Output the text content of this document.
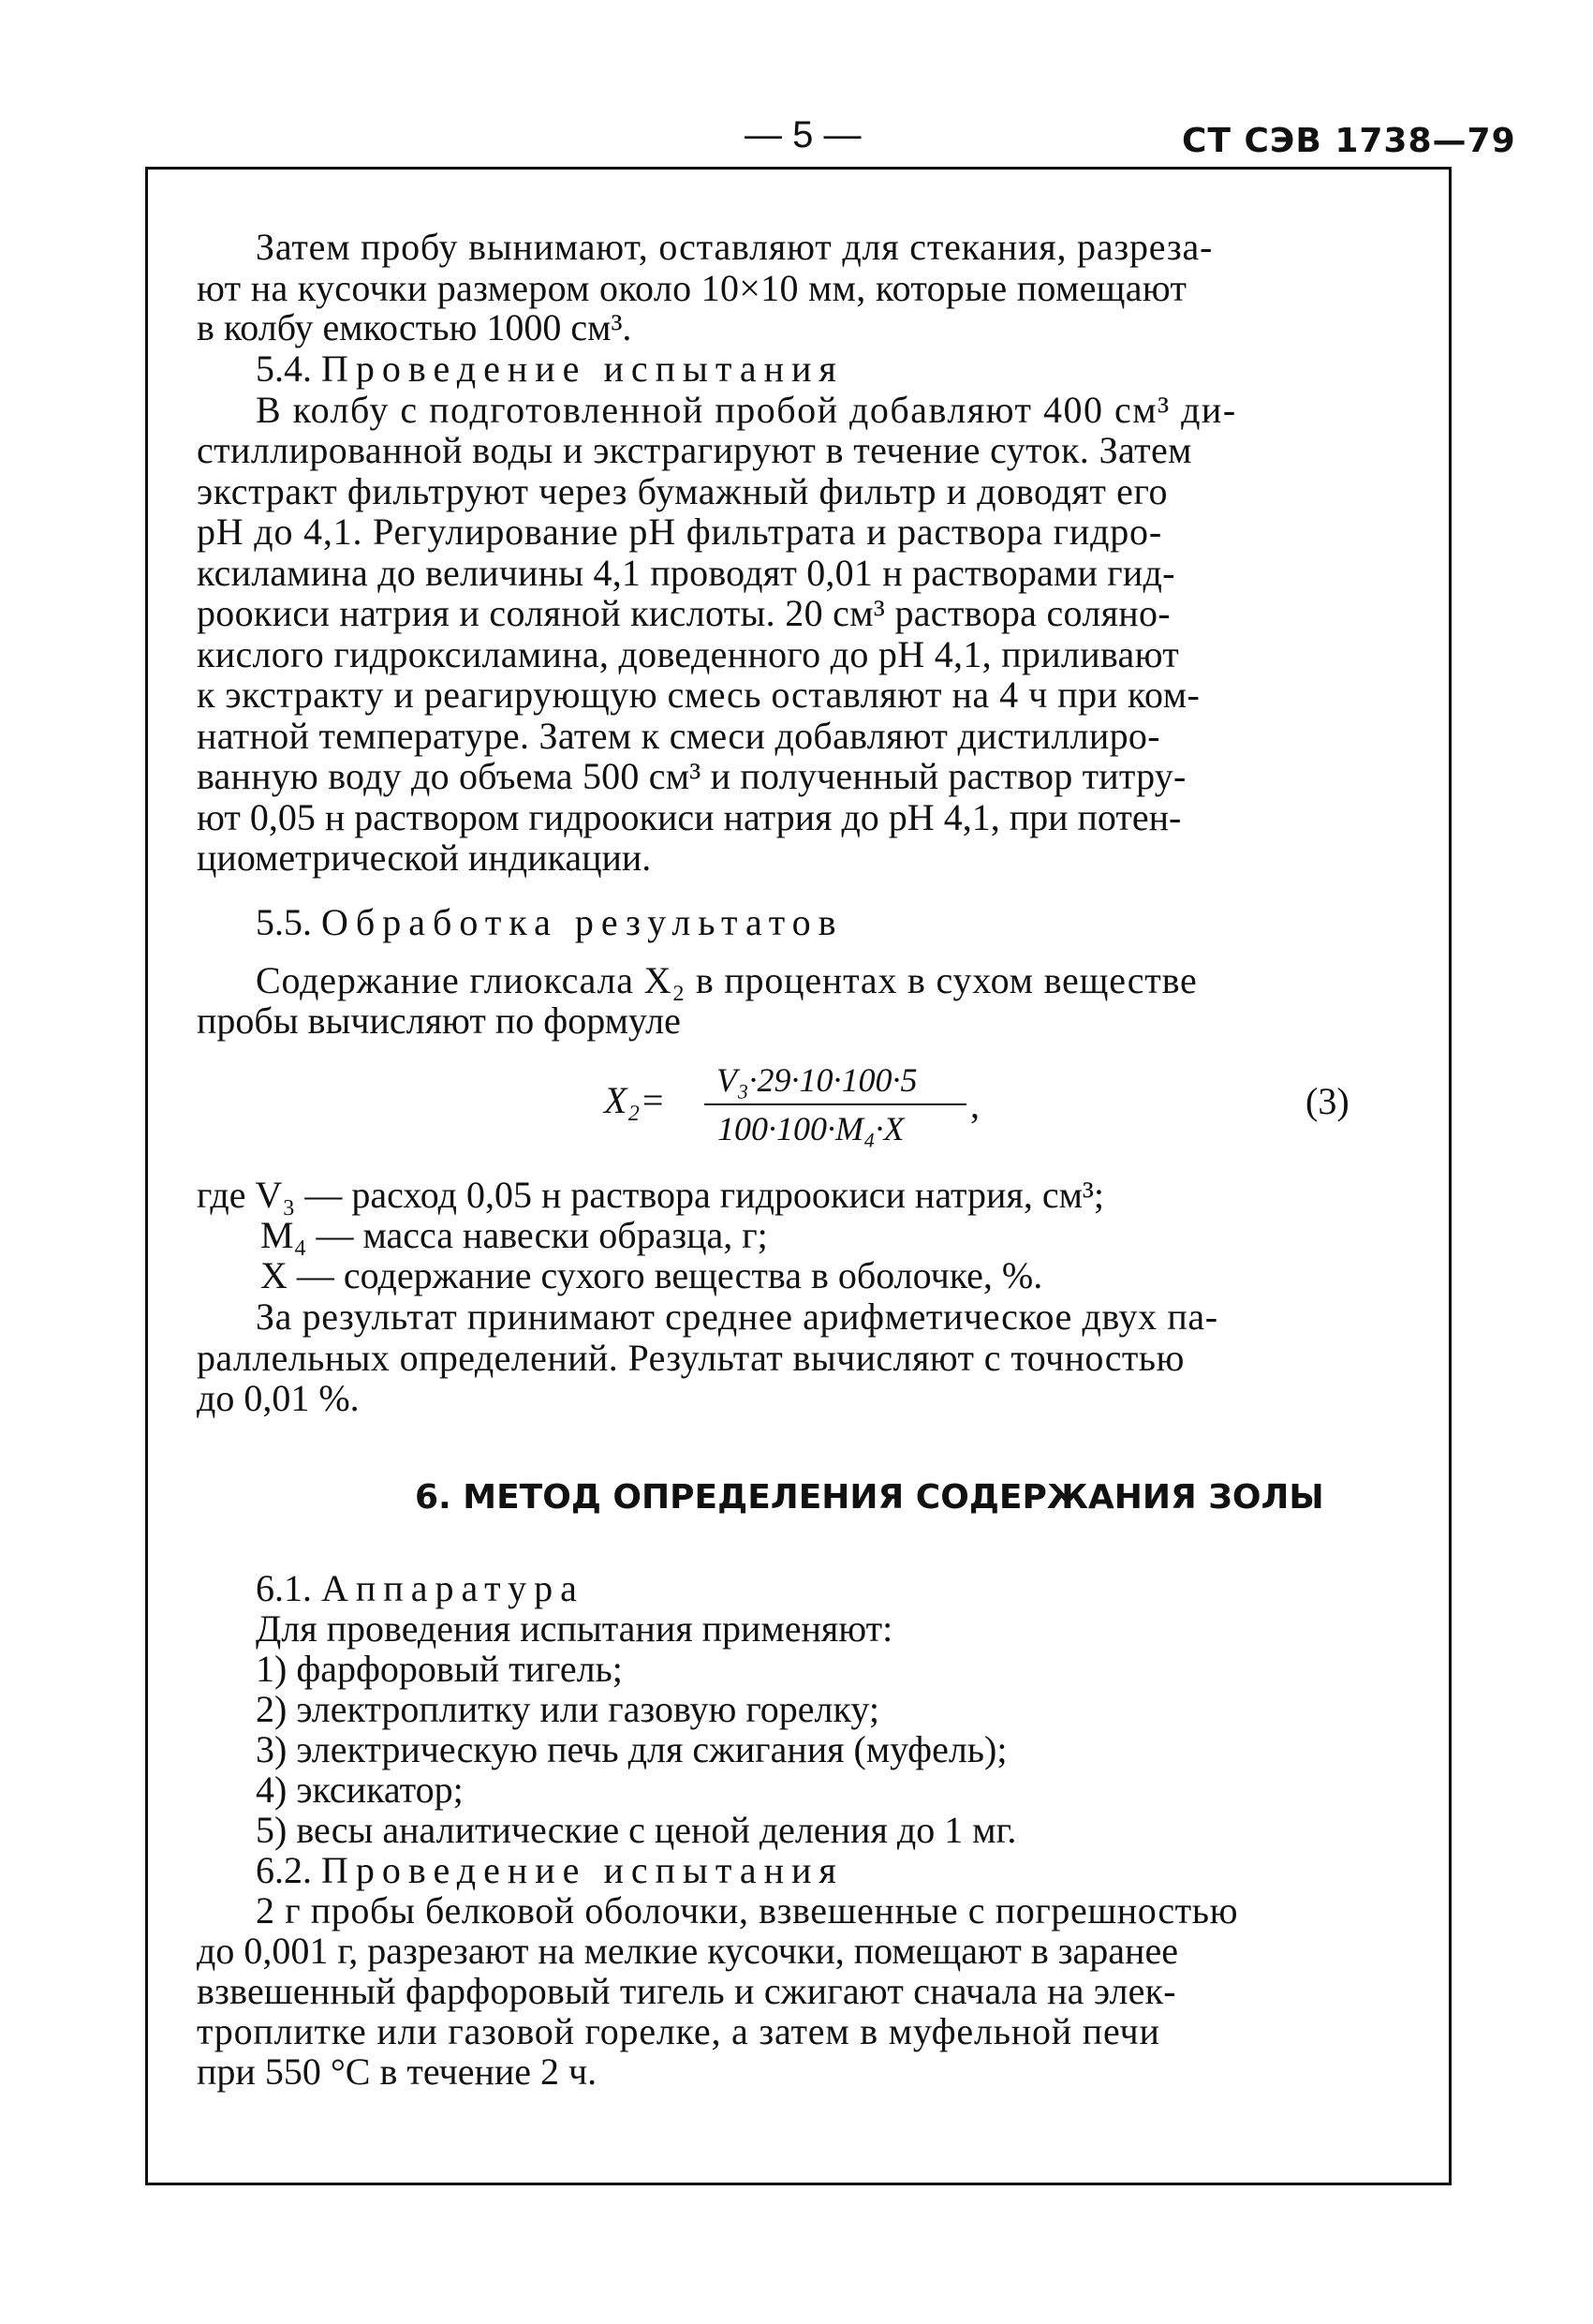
— 5 —	СТ СЭВ 1738—79
Затем пробу вынимают, оставляют для стекания, разреза-
ют на кусочки размером около 10×10 мм, которые помещают
в колбу емкостью 1000 см³.
5.4. Проведение испытания
В колбу с подготовленной пробой добавляют 400 см³ ди-
стиллированной воды и экстрагируют в течение суток. Затем
экстракт фильтруют через бумажный фильтр и доводят его
pH до 4,1. Регулирование pH фильтрата и раствора гидро-
ксиламина до величины 4,1 проводят 0,01 н растворами гид-
роокиси натрия и соляной кислоты. 20 см³ раствора соляно-
кислого гидроксиламина, доведенного до pH 4,1, приливают
к экстракту и реагирующую смесь оставляют на 4 ч при ком-
натной температуре. Затем к смеси добавляют дистиллиро-
ванную воду до объема 500 см³ и полученный раствор титру-
ют 0,05 н раствором гидроокиси натрия до pH 4,1, при потен-
циометрической индикации.
5.5. Обработка результатов
Содержание глиоксала X₂ в процентах в сухом веществе
пробы вычисляют по формуле
X₂= V₃·29·10·100·5
100·100·M₄·X
,	(3)
где V₃ — расход 0,05 н раствора гидроокиси натрия, см³;
M₄ — масса навески образца, г;
X — содержание сухого вещества в оболочке, %.
За результат принимают среднее арифметическое двух па-
раллельных определений. Результат вычисляют с точностью
до 0,01 %.
6. МЕТОД ОПРЕДЕЛЕНИЯ СОДЕРЖАНИЯ ЗОЛЫ
6.1. Аппаратура
Для проведения испытания применяют:
1) фарфоровый тигель;
2) электроплитку или газовую горелку;
3) электрическую печь для сжигания (муфель);
4) эксикатор;
5) весы аналитические с ценой деления до 1 мг.
6.2. Проведение испытания
2 г пробы белковой оболочки, взвешенные с погрешностью
до 0,001 г, разрезают на мелкие кусочки, помещают в заранее
взвешенный фарфоровый тигель и сжигают сначала на элек-
троплитке или газовой горелке, а затем в муфельной печи
при 550 °С в течение 2 ч.
